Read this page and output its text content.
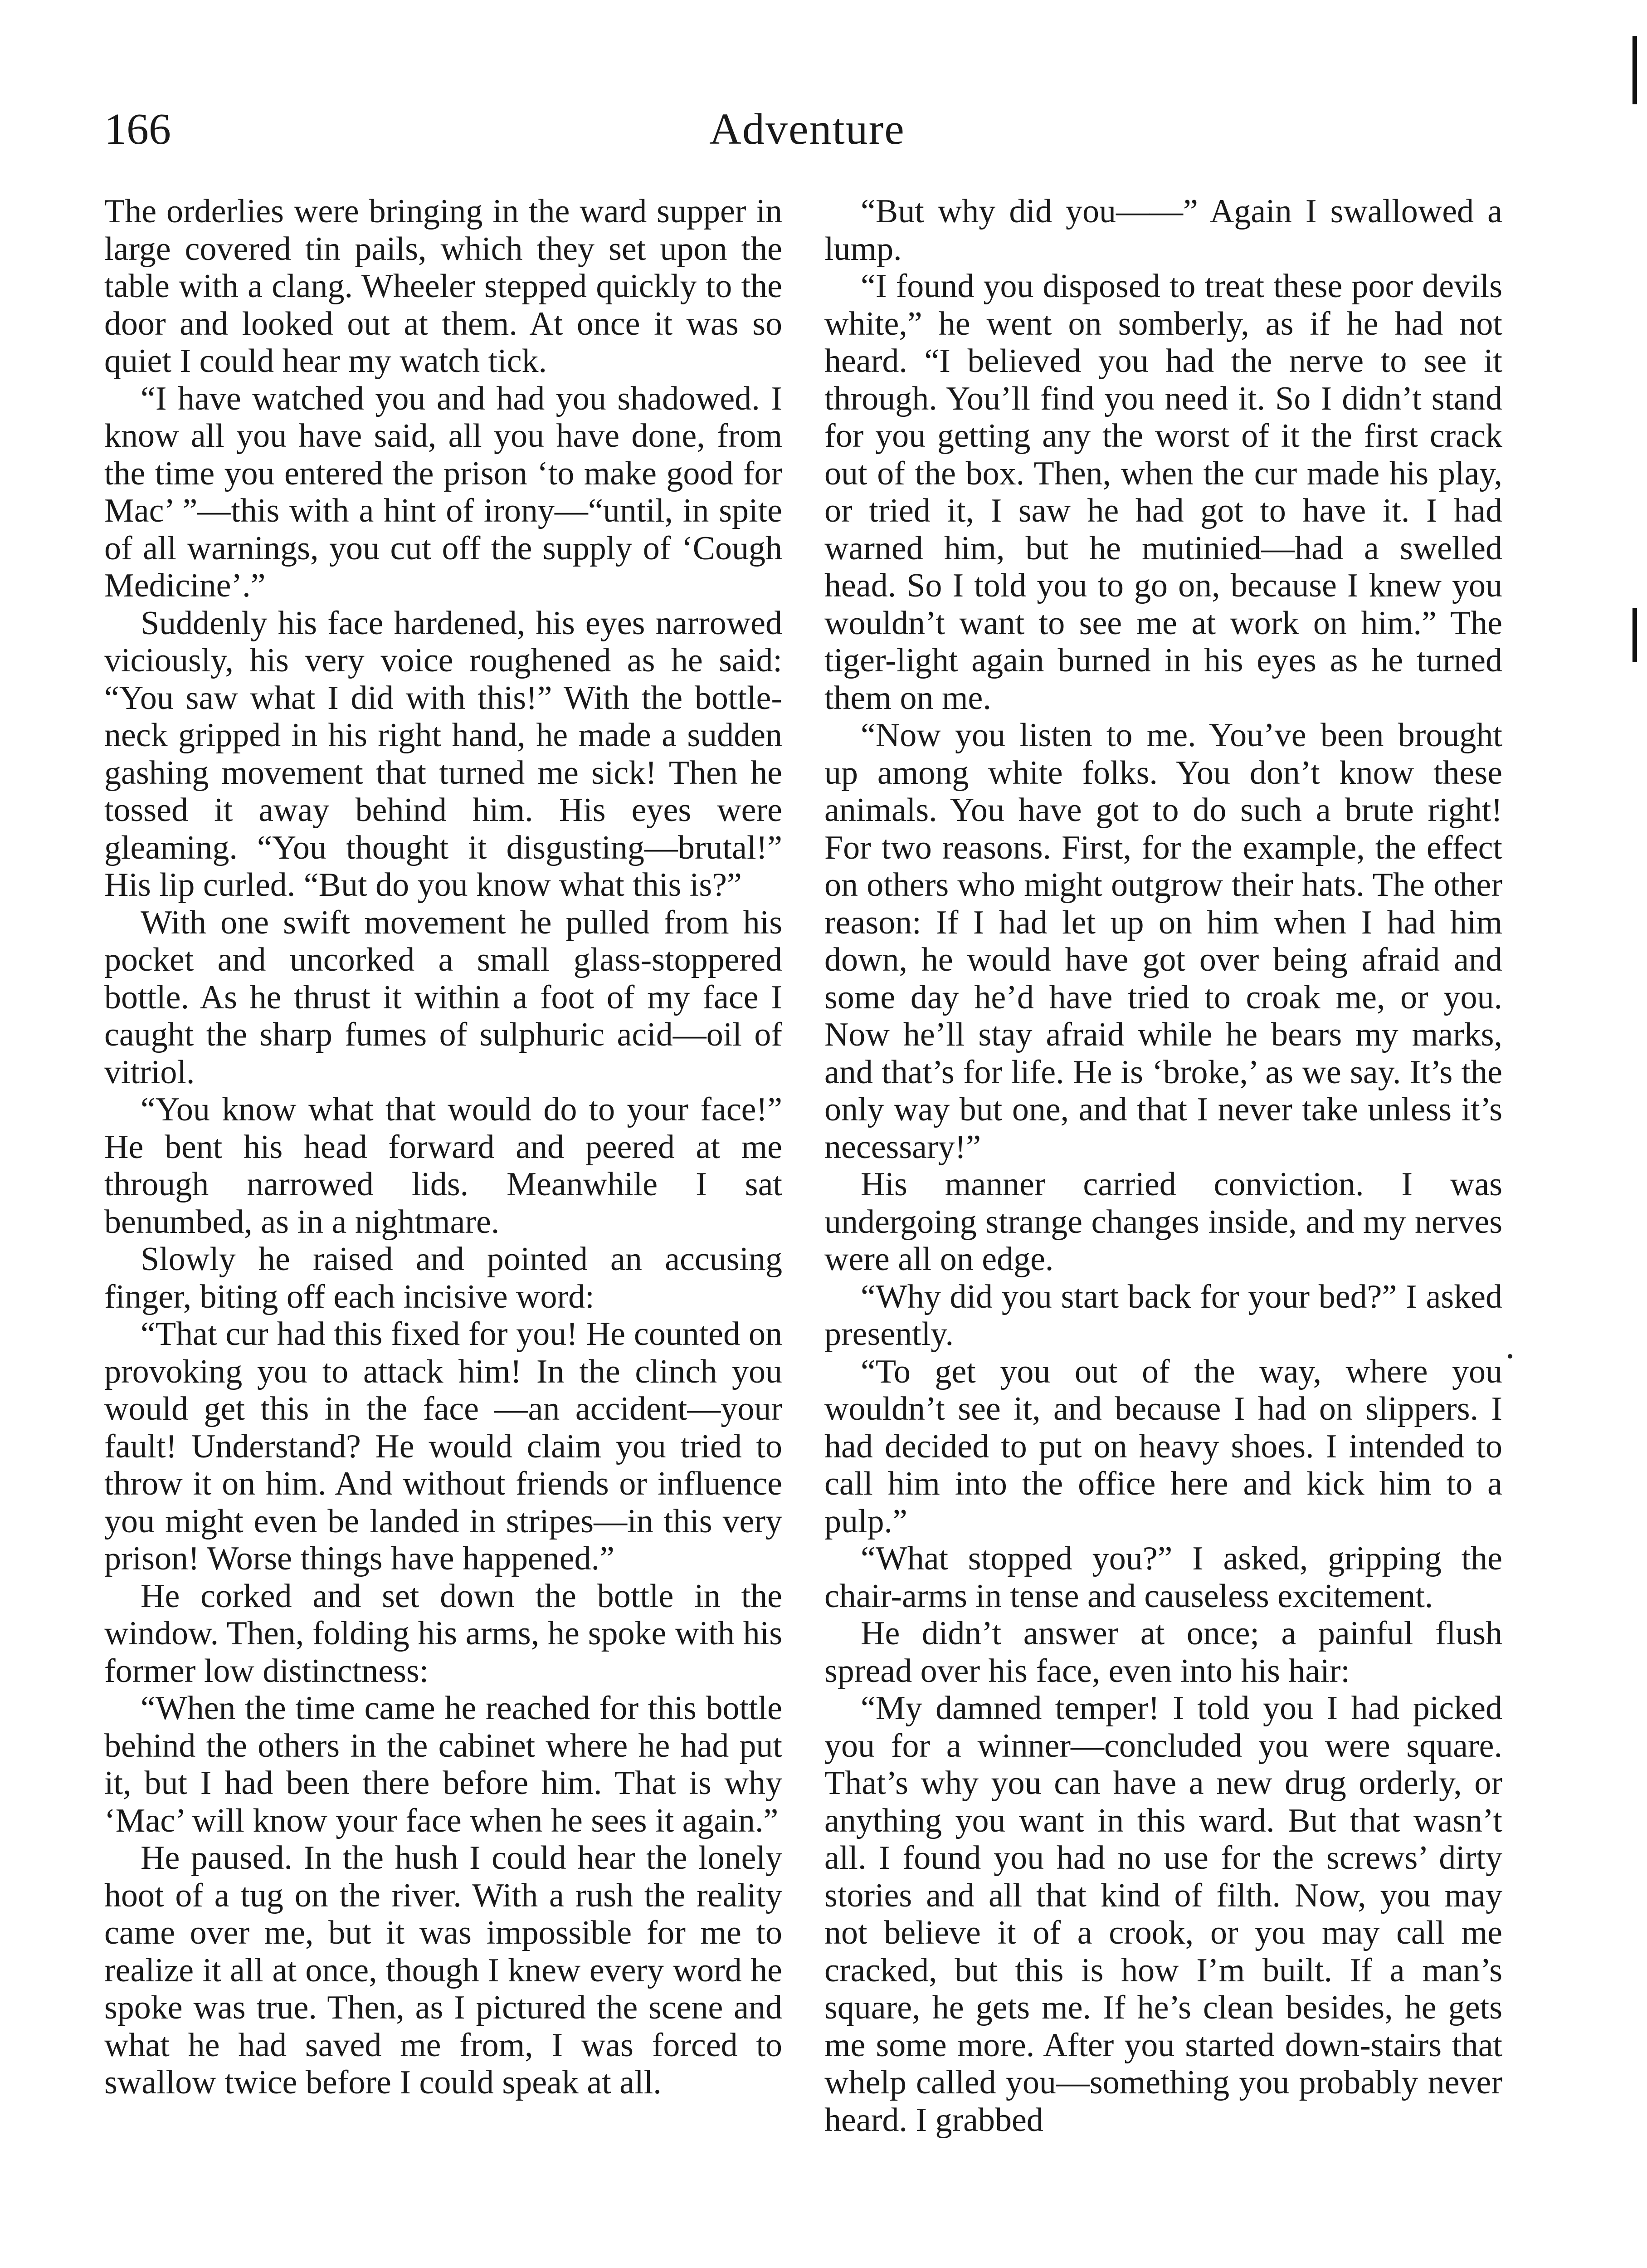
166	Adventure

The orderlies were bringing in the ward supper in large covered tin pails, which they set upon the table with a clang. Wheeler stepped quickly to the door and looked out at them. At once it was so quiet I could hear my watch tick.

“I have watched you and had you shadowed. I know all you have said, all you have done, from the time you entered the prison ‘to make good for Mac’ ”—this with a hint of irony—“until, in spite of all warnings, you cut off the supply of ‘Cough Medicine’.”

Suddenly his face hardened, his eyes narrowed viciously, his very voice roughened as he said: “You saw what I did with this!” With the bottle-neck gripped in his right hand, he made a sudden gashing movement that turned me sick! Then he tossed it away behind him. His eyes were gleaming. “You thought it disgusting—brutal!” His lip curled. “But do you know what this is?”

With one swift movement he pulled from his pocket and uncorked a small glass-stoppered bottle. As he thrust it within a foot of my face I caught the sharp fumes of sulphuric acid—oil of vitriol.

“You know what that would do to your face!” He bent his head forward and peered at me through narrowed lids. Meanwhile I sat benumbed, as in a nightmare.

Slowly he raised and pointed an accusing finger, biting off each incisive word:

“That cur had this fixed for you! He counted on provoking you to attack him! In the clinch you would get this in the face —an accident—your fault! Understand? He would claim you tried to throw it on him. And without friends or influence you might even be landed in stripes—in this very prison! Worse things have happened.”

He corked and set down the bottle in the window. Then, folding his arms, he spoke with his former low distinctness:

“When the time came he reached for this bottle behind the others in the cabinet where he had put it, but I had been there before him. That is why ‘Mac’ will know your face when he sees it again.”

He paused. In the hush I could hear the lonely hoot of a tug on the river. With a rush the reality came over me, but it was impossible for me to realize it all at once, though I knew every word he spoke was true. Then, as I pictured the scene and what he had saved me from, I was forced to swallow twice before I could speak at all.

“But why did you——” Again I swallowed a lump.

“I found you disposed to treat these poor devils white,” he went on somberly, as if he had not heard. “I believed you had the nerve to see it through. You’ll find you need it. So I didn’t stand for you getting any the worst of it the first crack out of the box. Then, when the cur made his play, or tried it, I saw he had got to have it. I had warned him, but he mutinied—had a swelled head. So I told you to go on, because I knew you wouldn’t want to see me at work on him.” The tiger-light again burned in his eyes as he turned them on me.

“Now you listen to me. You’ve been brought up among white folks. You don’t know these animals. You have got to do such a brute right! For two reasons. First, for the example, the effect on others who might outgrow their hats. The other reason: If I had let up on him when I had him down, he would have got over being afraid and some day he’d have tried to croak me, or you. Now he’ll stay afraid while he bears my marks, and that’s for life. He is ‘broke,’ as we say. It’s the only way but one, and that I never take unless it’s necessary!”

His manner carried conviction. I was undergoing strange changes inside, and my nerves were all on edge.

“Why did you start back for your bed?” I asked presently.

“To get you out of the way, where you wouldn’t see it, and because I had on slippers. I had decided to put on heavy shoes. I intended to call him into the office here and kick him to a pulp.”

“What stopped you?” I asked, gripping the chair-arms in tense and causeless excitement.

He didn’t answer at once; a painful flush spread over his face, even into his hair:

“My damned temper! I told you I had picked you for a winner—concluded you were square. That’s why you can have a new drug orderly, or anything you want in this ward. But that wasn’t all. I found you had no use for the screws’ dirty stories and all that kind of filth. Now, you may not believe it of a crook, or you may call me cracked, but this is how I’m built. If a man’s square, he gets me. If he’s clean besides, he gets me some more. After you started down-stairs that whelp called you—something you probably never heard. I grabbed
